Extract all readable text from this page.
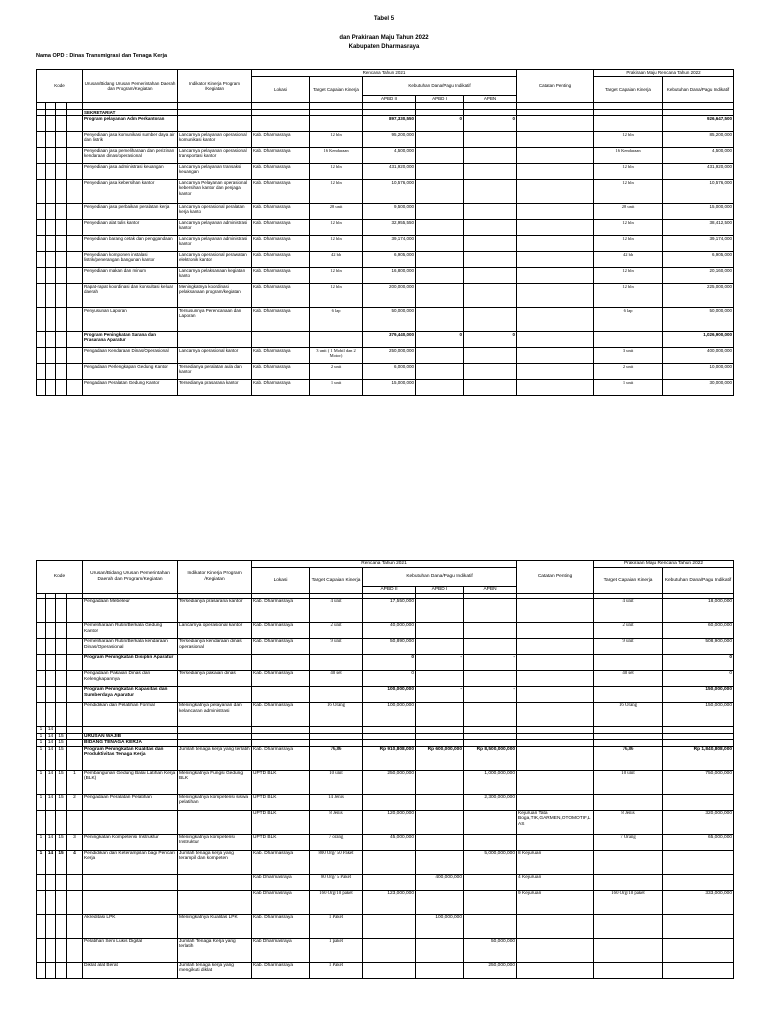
Tabel 5
dan Prakiraan Maju Tahun 2022
Kabupaten Dharmasraya
Nama OPD : Dinas Transmigrasi dan Tenaga Kerja
Kode				Urusan/Bidang Urusan Pemerintahan Daerah dan Program/Kegiatan	Indikator Kinerja Program /Kegiatan	Rencana Tahun 2021					Catatan Penting	Prakiraan Maju Rencana Tahun 2022	
						Lokasi	Target Capaian Kinerja	Kebutuhan Dana/Pagu Indikatif				Target Capaian Kinerja	Kebutuhan Dana/Pagu Indikatif
								APBD II	APBD I	APBN			

				SEKRETARIAT									
				Program pelayanan Adm Perkantoran				897,330,550	0	0			926,647,500
				Penyediaan jasa komunikasi sumber daya air dan listrik	Lancarnya pelayanan operasional komunikasi kantor	Kab. Dharmasraya	12 bln	95,200,000				12 bln	85,200,000
				Penyediaan jasa pemeliharaan dan perizinan kendaraan dinas/operasional	Lancarnya pelayanan operasional transportasi kantor	Kab. Dharmasraya	16 Kendaraan	4,500,000				16 Kendaraan	4,500,000
				Penyediaan jasa administrasi keuangan	Lancarnya pelayanan transaksi keuangan	Kab. Dharmasraya	12 bln	431,920,000				12 bln	431,920,000
				Penyediaan jasa kebersihan kantor	Lancarnya Pelayanan operasional kebersihan kantor dan penjaga kantor	Kab. Dharmasraya	12 bln	10,576,000				12 bln	10,576,000
				Penyediaan jasa perbaikan peralatan kerja	Lancarnya operasional peralatan kerja kanto	Kab. Dharmasraya	28 unit	9,500,000				28 unit	15,000,000
				Penyediaan alat tulis kantor	Lancarnya pelayanan administrasi kantor	Kab. Dharmasraya	12 bln	32,955,550				12 bln	38,412,500
				Penyediaan barang cetak dan penggandaan	Lancarnya pelayanan administrasi kantor	Kab. Dharmasraya	12 bln	39,174,000				12 bln	39,174,000
				Penyediaan komponen instalasi listrik/penerangan bangunan kantor	Lancarnya operasional perawatan elektronik kantor	Kab. Dharmasraya	42 bh	6,905,000				42 bh	6,905,000
				Penyediaan makan dan minum	Lancarnya pelaksanaan kegiatan kanto	Kab. Dharmasraya	12 bln	16,800,000				12 bln	20,160,000
				Rapat-rapat koordinasi dan konsultasi keluar daerah	Meningkatnya koordinasi pelaksanaan program/kegiatan	Kab. Dharmasraya	12 bln	200,000,000				12 bln	225,000,000
				Penyusunan Laporan	Tersusunnya Perencanaan dan Laporan	Kab. Dharmasraya	6 lap	50,000,000				6 lap	50,000,000
				Program Peningkatan Sarana dan Prasarana Aparatur				379,440,000	0	0			1,026,900,000
				Pengadaan Kendaraan Dinas/Operasional	Lancarnya operasional kantor	Kab. Dharmasraya	3 unit ( 1 Mobil dan 2 Motor)	250,000,000				3 unit	400,000,000
				Pengadaan Perlengkapan Gedung Kantor	Tersedianya peralatan aula dan kantor	Kab. Dharmasraya	2 unit	6,000,000				2 unit	10,000,000
				Pengadaan Peralatan Gedung Kantor	Tersedianya prasarana kantor	Kab. Dharmasraya	1 unit	15,000,000				1 unit	30,000,000
Kode				Urusan/Bidang Urusan Pemerintahan Daerah dan Program/Kegiatan	Indikator Kinerja Program /Kegiatan	Rencana Tahun 2021					Catatan Penting	Prakiraan Maju Rencana Tahun 2022	
						Lokasi	Target Capaian Kinerja	Kebutuhan Dana/Pagu Indikatif				Target Capaian Kinerja	Kebutuhan Dana/Pagu Indikatif
								APBD II	APBD I	APBN			

				Pengadaan Mebeleur	Tersedianya prasarana kantor	Kab. Dharmasraya	4 unit	17,550,000				4 unit	18,000,000
				Pemeliharaan Rutin/Berkala Gedung Kantor	Lancarnya operasional kantor	Kab. Dharmasraya	2 unit	40,000,000				2 unit	60,000,000
				Pemeliharaan Rutin/Berkala kendaraan Dinas/Operasional	Tersedianya kendaraan dinas operasional	Kab. Dharmasraya	9 unit	50,890,000				9 unit	508,900,000
				Program Peningkatan Disiplin Aparatur				0	-	-			0
				Pengadaan Pakaian Dinas dan Kelengkapannya	Tersedianya pakaian dinas	Kab. Dharmasraya	40 set	0				40 set	0
				Program Peningkatan Kapasitas dan Sumberdaya Aparatur				100,000,000	-	-			150,000,000
				Pendidikan dan Pelatihan Formal	Meningkatnya pelayanan dan kelancaran administrasi	Kab. Dharmasraya	16 Orang	100,000,000				16 Orang	150,000,000
1	14												
1	14	15		URUSAN WAJIB									
1	14	15		BIDANG TENAGA KERJA									
1	14	15		Program Peningkatan Kualitas dan Produktivitas Tenaga Kerja	Jumlah tenaga kerja yang terlatih	Kab. Dharmasraya	76,86	Rp 910,808,000	Rp 600,000,000	Rp 8,500,000,000		76,86	Rp 1,840,808,000
1	14	15	1	Pembangunan Gedung Balai Latihan Kerja (BLK)	Meningkatnya Fungsi Gedung BLK	UPTD BLK	10 unit	250,000,000		1,000,000,000		10 unit	750,000,000
1	14	15	2	Pengadaan Peralatan Pelatihan	Meningkatnya kompetensi siswa pelatihan	UPTD BLK	14 Jenis			2,300,000,000			
						UPTD BLK	8 Jenis	120,000,000			Kejuruan Tata Boga,TIK,GARMEN,OTOMOTIF,L AS	8 Jenis	320,000,000
1	14	15	3	Peningkatan Kompetensi Instruktur	Meningkatnya kompetensi Instruktur	UPTD BLK	7 orang	45,000,000				7 Orang	65,000,000
1	14	15	4	Pendidikan dan Keterampilan bagi Pencari Kerja	Jumlah tenaga kerja yang terampil dan kompeten	Kab. Dharmasraya	800 Org/ 50 Paket			5,000,000,000	8 Kejuruan		
						Kab Dharmasraya	80 Org/ 5 Paket		400,000,000		4 Kejuruan		
						Kab Dharmasraya	160 Org/10 paket	123,000,000			9 Kejuruan	160 Org/10 paket	333,000,000
				Akreditasi LPK	Meningkatnya Kualitas LPK	Kab. Dharmasraya	1 Paket		100,000,000				
				Pelatihan Seni Lukis Digital	Jumlah Tenaga Kerja yang terlatih	Kab Dharmasraya	1 paket			50,000,000			
				Diklat alat Berat	Jumlah tenaga kerja yang mengikuti diklat	Kab. Dharmasraya	1 Paket			250,000,000			
